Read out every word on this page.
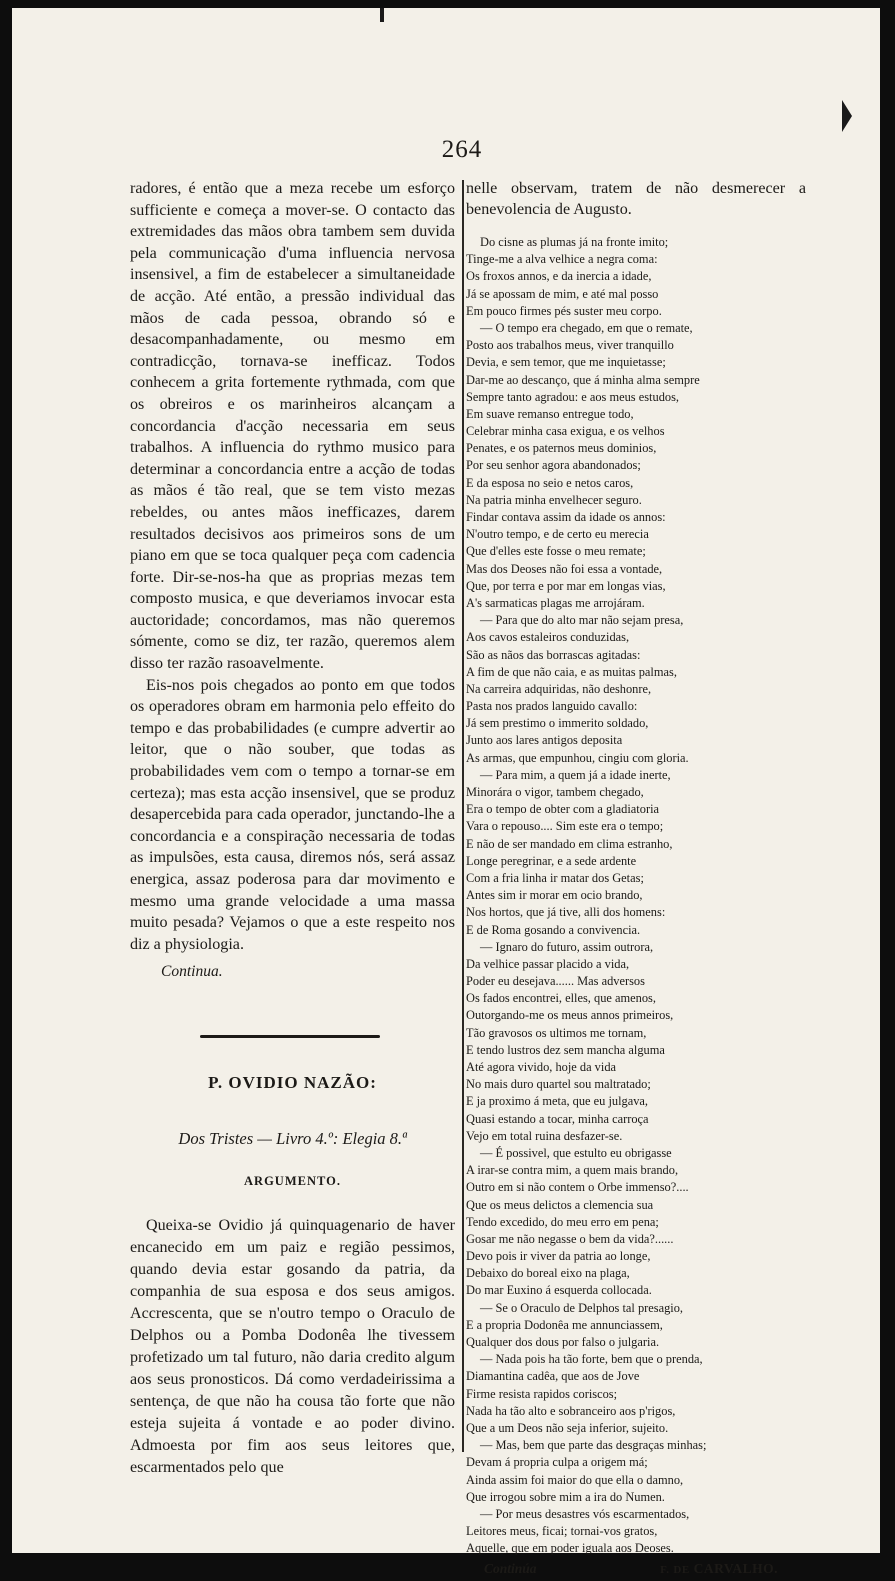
264

radores, é então que a meza recebe um esforço sufficiente e começa a mover-se. O contacto das extremidades das mãos obra tambem sem duvida pela communicação d'uma influencia nervosa insensivel, a fim de estabelecer a simultaneidade de acção. Até então, a pressão individual das mãos de cada pessoa, obrando só e desacompanhadamente, ou mesmo em contradicção, tornava-se inefficaz. Todos conhecem a grita fortemente rythmada, com que os obreiros e os marinheiros alcançam a concordancia d'acção necessaria em seus trabalhos. A influencia do rythmo musico para determinar a concordancia entre a acção de todas as mãos é tão real, que se tem visto mezas rebeldes, ou antes mãos inefficazes, darem resultados decisivos aos primeiros sons de um piano em que se toca qualquer peça com cadencia forte. Dir-se-nos-ha que as proprias mezas tem composto musica, e que deveriamos invocar esta auctoridade; concordamos, mas não queremos sómente, como se diz, ter razão, queremos alem disso ter razão rasoavelmente.

Eis-nos pois chegados ao ponto em que todos os operadores obram em harmonia pelo effeito do tempo e das probabilidades (e cumpre advertir ao leitor, que o não souber, que todas as probabilidades vem com o tempo a tornar-se em certeza); mas esta acção insensivel, que se produz desapercebida para cada operador, junctando-lhe a concordancia e a conspiração necessaria de todas as impulsões, esta causa, diremos nós, será assaz energica, assaz poderosa para dar movimento e mesmo uma grande velocidade a uma massa muito pesada? Vejamos o que a este respeito nos diz a physiologia.

Continua.
P. OVIDIO NAZÃO:
Dos Tristes — Livro 4.º: Elegia 8.ª
ARGUMENTO.

Queixa-se Ovidio já quinquagenario de haver encanecido em um paiz e região pessimos, quando devia estar gosando da patria, da companhia de sua esposa e dos seus amigos. Accrescenta, que se n'outro tempo o Oraculo de Delphos ou a Pomba Dodonêa lhe tivessem profetizado um tal futuro, não daria credito algum aos seus pronosticos. Dá como verdadeirissima a sentença, de que não ha cousa tão forte que não esteja sujeita á vontade e ao poder divino. Admoesta por fim aos seus leitores que, escarmentados pelo que

nelle observam, tratem de não desmerecer a benevolencia de Augusto.

Do cisne as plumas já na fronte imito;
Tinge-me a alva velhice a negra coma:
Os froxos annos, e da inercia a idade,
Já se apossam de mim, e até mal posso
Em pouco firmes pés suster meu corpo.
— O tempo era chegado, em que o remate,
Posto aos trabalhos meus, viver tranquillo
Devia, e sem temor, que me inquietasse;
Dar-me ao descanço, que á minha alma sempre
Sempre tanto agradou: e aos meus estudos,
Em suave remanso entregue todo,
Celebrar minha casa exigua, e os velhos
Penates, e os paternos meus dominios,
Por seu senhor agora abandonados;
E da esposa no seio e netos caros,
Na patria minha envelhecer seguro.
Findar contava assim da idade os annos:
N'outro tempo, e de certo eu merecia
Que d'elles este fosse o meu remate;
Mas dos Deoses não foi essa a vontade,
Que, por terra e por mar em longas vias,
A's sarmaticas plagas me arrojáram.
— Para que do alto mar não sejam presa,
Aos cavos estaleiros conduzidas,
São as nãos das borrascas agitadas:
A fim de que não caia, e as muitas palmas,
Na carreira adquiridas, não deshonre,
Pasta nos prados languido cavallo:
Já sem prestimo o immerito soldado,
Junto aos lares antigos deposita
As armas, que empunhou, cingiu com gloria.
— Para mim, a quem já a idade inerte,
Minorára o vigor, tambem chegado,
Era o tempo de obter com a gladiatoria
Vara o repouso.... Sim este era o tempo;
E não de ser mandado em clima estranho,
Longe peregrinar, e a sede ardente
Com a fria linha ir matar dos Getas;
Antes sim ir morar em ocio brando,
Nos hortos, que já tive, alli dos homens:
E de Roma gosando a convivencia.
— Ignaro do futuro, assim outrora,
Da velhice passar placido a vida,
Poder eu desejava...... Mas adversos
Os fados encontrei, elles, que amenos,
Outorgando-me os meus annos primeiros,
Tão gravosos os ultimos me tornam,
E tendo lustros dez sem mancha alguma
Até agora vivido, hoje da vida
No mais duro quartel sou maltratado;
E ja proximo á meta, que eu julgava,
Quasi estando a tocar, minha carroça
Vejo em total ruina desfazer-se.
— É possivel, que estulto eu obrigasse
A irar-se contra mim, a quem mais brando,
Outro em si não contem o Orbe immenso?....
Que os meus delictos a clemencia sua
Tendo excedido, do meu erro em pena;
Gosar me não negasse o bem da vida?......
Devo pois ir viver da patria ao longe,
Debaixo do boreal eixo na plaga,
Do mar Euxino á esquerda collocada.
— Se o Oraculo de Delphos tal presagio,
E a propria Dodonêa me annunciassem,
Qualquer dos dous por falso o julgaria.
— Nada pois ha tão forte, bem que o prenda,
Diamantina cadêa, que aos de Jove
Firme resista rapidos coriscos;
Nada ha tão alto e sobranceiro aos p'rigos,
Que a um Deos não seja inferior, sujeito.
— Mas, bem que parte das desgraças minhas;
Devam á propria culpa a origem má;
Ainda assim foi maior do que ella o damno,
Que irrogou sobre mim a ira do Numen.
— Por meus desastres vós escarmentados,
Leitores meus, ficai; tornai-vos gratos,
Aquelle, que em poder iguala aos Deoses.
Continúa	F. DE CARVALHO.
